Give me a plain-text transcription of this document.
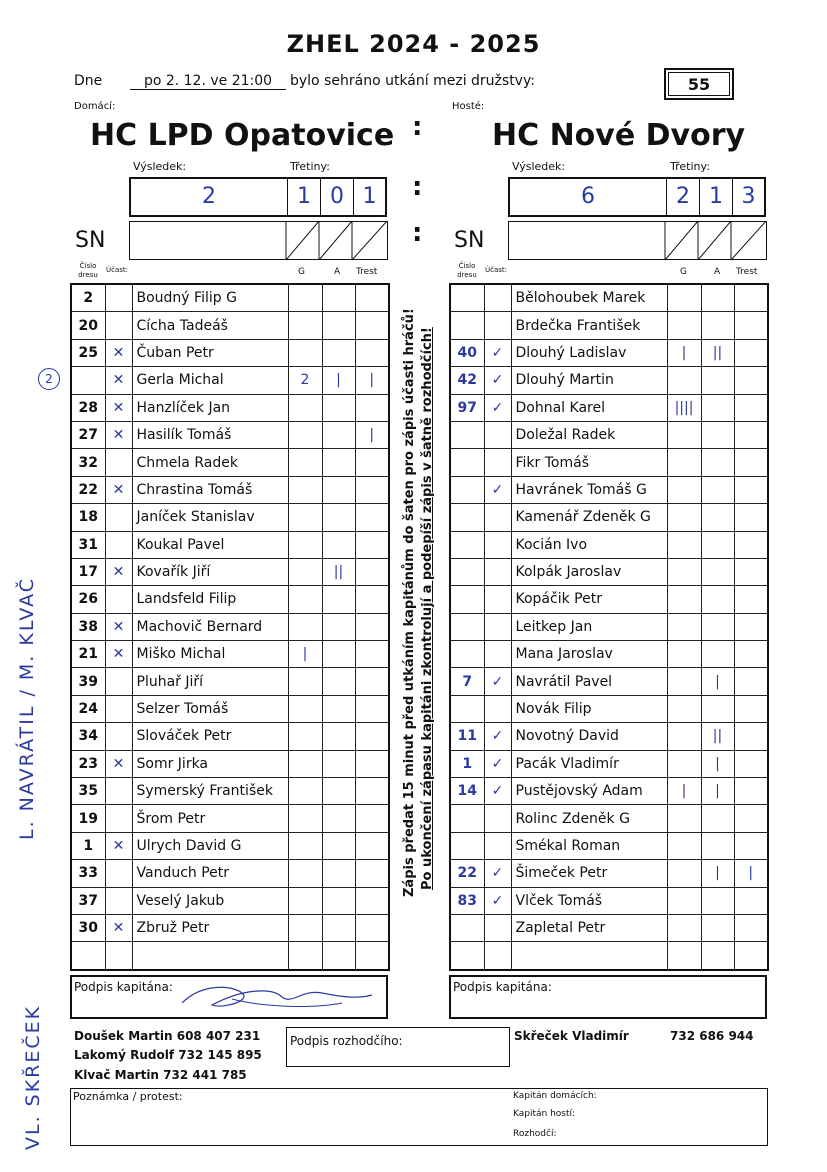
ZHEL 2024 - 2025
Dne	po 2. 12. ve 21:00	bylo sehráno utkání mezi družstvy:	55
Domácí:	Hosté:
HC LPD Opatovice	HC Nové Dvory
:
Výsledek:	Třetiny:	Výsledek:	Třetiny:
2	1 0 1	6	2 1 3
:
SN	SN
:
Číslo dresu
Účast:	G	A Trest
Číslo dresu
Účast:	G	A Trest
2		Boudný Filip G			
20		Cícha Tadeáš			
25	✕	Čuban Petr			
	✕	Gerla Michal	2	|	|
28	✕	Hanzlíček Jan			
27	✕	Hasilík Tomáš			|
32		Chmela Radek			
22	✕	Chrastina Tomáš			
18		Janíček Stanislav			
31		Koukal Pavel			
17	✕	Kovařík Jiří		||	
26		Landsfeld Filip			
38	✕	Machovič Bernard			
21	✕	Miško Michal	|		
39		Pluhař Jiří			
24		Selzer Tomáš			
34		Slováček Petr			
23	✕	Somr Jirka			
35		Symerský František			
19		Šrom Petr			
1	✕	Ulrych David G			
33		Vanduch Petr			
37		Veselý Jakub			
30	✕	Zbruž Petr			

		Bělohoubek Marek			
		Brdečka František			
40	✓	Dlouhý Ladislav	|	||	
42	✓	Dlouhý Martin			
97	✓	Dohnal Karel	||||		
		Doležal Radek			
		Fikr Tomáš			
	✓	Havránek Tomáš G			
		Kamenář Zdeněk G			
		Kocián Ivo			
		Kolpák Jaroslav			
		Kopáčik Petr			
		Leitkep Jan			
		Mana Jaroslav			
7	✓	Navrátil Pavel		|	
		Novák Filip			
11	✓	Novotný David		||	
1	✓	Pacák Vladimír		|	
14	✓	Pustějovský Adam	|	|	
		Rolinc Zdeněk G			
		Smékal Roman			
22	✓	Šimeček Petr		|	|
83	✓	Vlček Tomáš			
		Zapletal Petr			

Zápis předat 15 minut před utkáním kapitánům do šaten pro zápis účasti hráčů! Po ukončení zápasu kapitáni zkontrolují a podepíší zápis v šatně rozhodčích!
Podpis kapitána:	Podpis kapitána:
Doušek Martin 608 407 231
Lakomý Rudolf 732 145 895
Klvač Martin 732 441 785
Podpis rozhodčího:	Skřeček Vladimír	732 686 944
Poznámka / protest:	Kapitán domácích:
Kapitán hostí:
Rozhodčí:
L. NAVRÁTIL / M. KLVAČ
VL. SKŘEČEK
2
